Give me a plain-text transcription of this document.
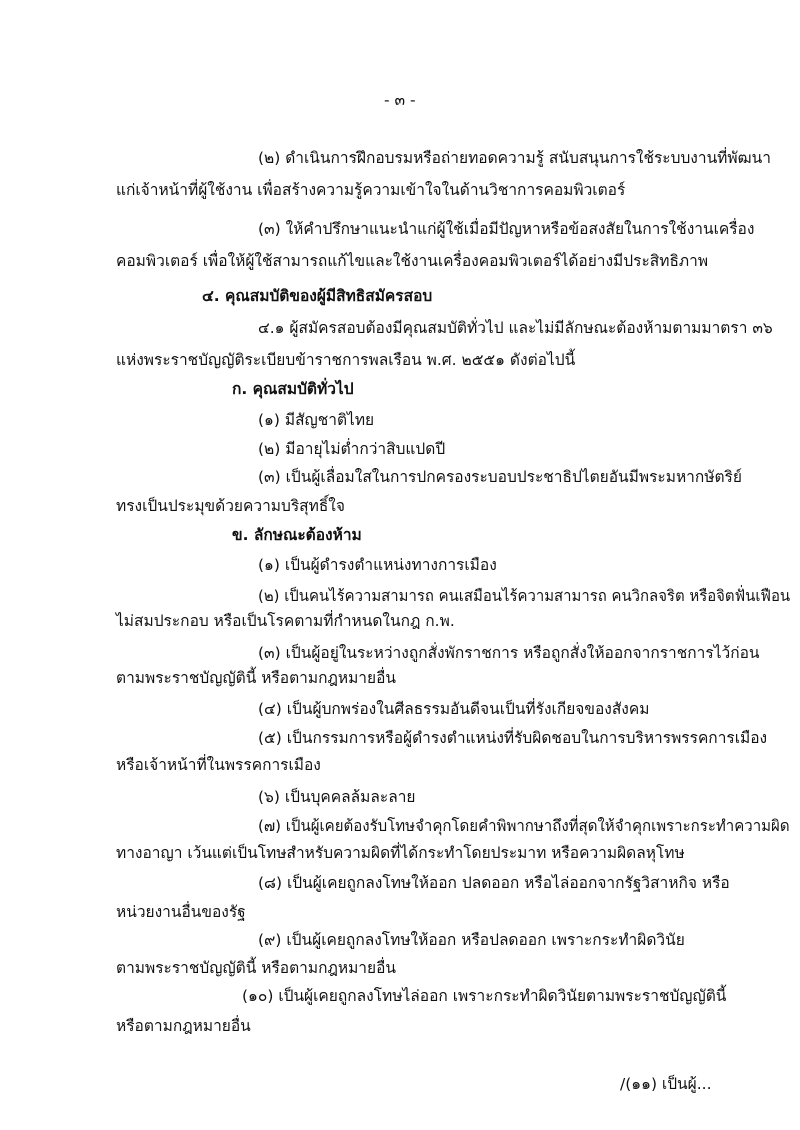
- ๓ -
(๒) ดำเนินการฝึกอบรมหรือถ่ายทอดความรู้ สนับสนุนการใช้ระบบงานที่พัฒนา
แก่เจ้าหน้าที่ผู้ใช้งาน เพื่อสร้างความรู้ความเข้าใจในด้านวิชาการคอมพิวเตอร์
(๓) ให้คำปรึกษาแนะนำแก่ผู้ใช้เมื่อมีปัญหาหรือข้อสงสัยในการใช้งานเครื่อง
คอมพิวเตอร์ เพื่อให้ผู้ใช้สามารถแก้ไขและใช้งานเครื่องคอมพิวเตอร์ได้อย่างมีประสิทธิภาพ
๔. คุณสมบัติของผู้มีสิทธิสมัครสอบ
๔.๑ ผู้สมัครสอบต้องมีคุณสมบัติทั่วไป และไม่มีลักษณะต้องห้ามตามมาตรา ๓๖
แห่งพระราชบัญญัติระเบียบข้าราชการพลเรือน พ.ศ. ๒๕๕๑ ดังต่อไปนี้
ก. คุณสมบัติทั่วไป
(๑) มีสัญชาติไทย
(๒) มีอายุไม่ต่ำกว่าสิบแปดปี
(๓) เป็นผู้เลื่อมใสในการปกครองระบอบประชาธิปไตยอันมีพระมหากษัตริย์
ทรงเป็นประมุขด้วยความบริสุทธิ์ใจ
ข. ลักษณะต้องห้าม
(๑) เป็นผู้ดำรงตำแหน่งทางการเมือง
(๒) เป็นคนไร้ความสามารถ คนเสมือนไร้ความสามารถ คนวิกลจริต หรือจิตฟั่นเฟือน
ไม่สมประกอบ หรือเป็นโรคตามที่กำหนดในกฎ ก.พ.
(๓) เป็นผู้อยู่ในระหว่างถูกสั่งพักราชการ หรือถูกสั่งให้ออกจากราชการไว้ก่อน
ตามพระราชบัญญัตินี้ หรือตามกฎหมายอื่น
(๔) เป็นผู้บกพร่องในศีลธรรมอันดีจนเป็นที่รังเกียจของสังคม
(๕) เป็นกรรมการหรือผู้ดำรงตำแหน่งที่รับผิดชอบในการบริหารพรรคการเมือง
หรือเจ้าหน้าที่ในพรรคการเมือง
(๖) เป็นบุคคลล้มละลาย
(๗) เป็นผู้เคยต้องรับโทษจำคุกโดยคำพิพากษาถึงที่สุดให้จำคุกเพราะกระทำความผิด
ทางอาญา เว้นแต่เป็นโทษสำหรับความผิดที่ได้กระทำโดยประมาท หรือความผิดลหุโทษ
(๘) เป็นผู้เคยถูกลงโทษให้ออก ปลดออก หรือไล่ออกจากรัฐวิสาหกิจ หรือ
หน่วยงานอื่นของรัฐ
(๙) เป็นผู้เคยถูกลงโทษให้ออก หรือปลดออก เพราะกระทำผิดวินัย
ตามพระราชบัญญัตินี้ หรือตามกฎหมายอื่น
(๑๐) เป็นผู้เคยถูกลงโทษไล่ออก เพราะกระทำผิดวินัยตามพระราชบัญญัตินี้
หรือตามกฎหมายอื่น
/(๑๑) เป็นผู้...
